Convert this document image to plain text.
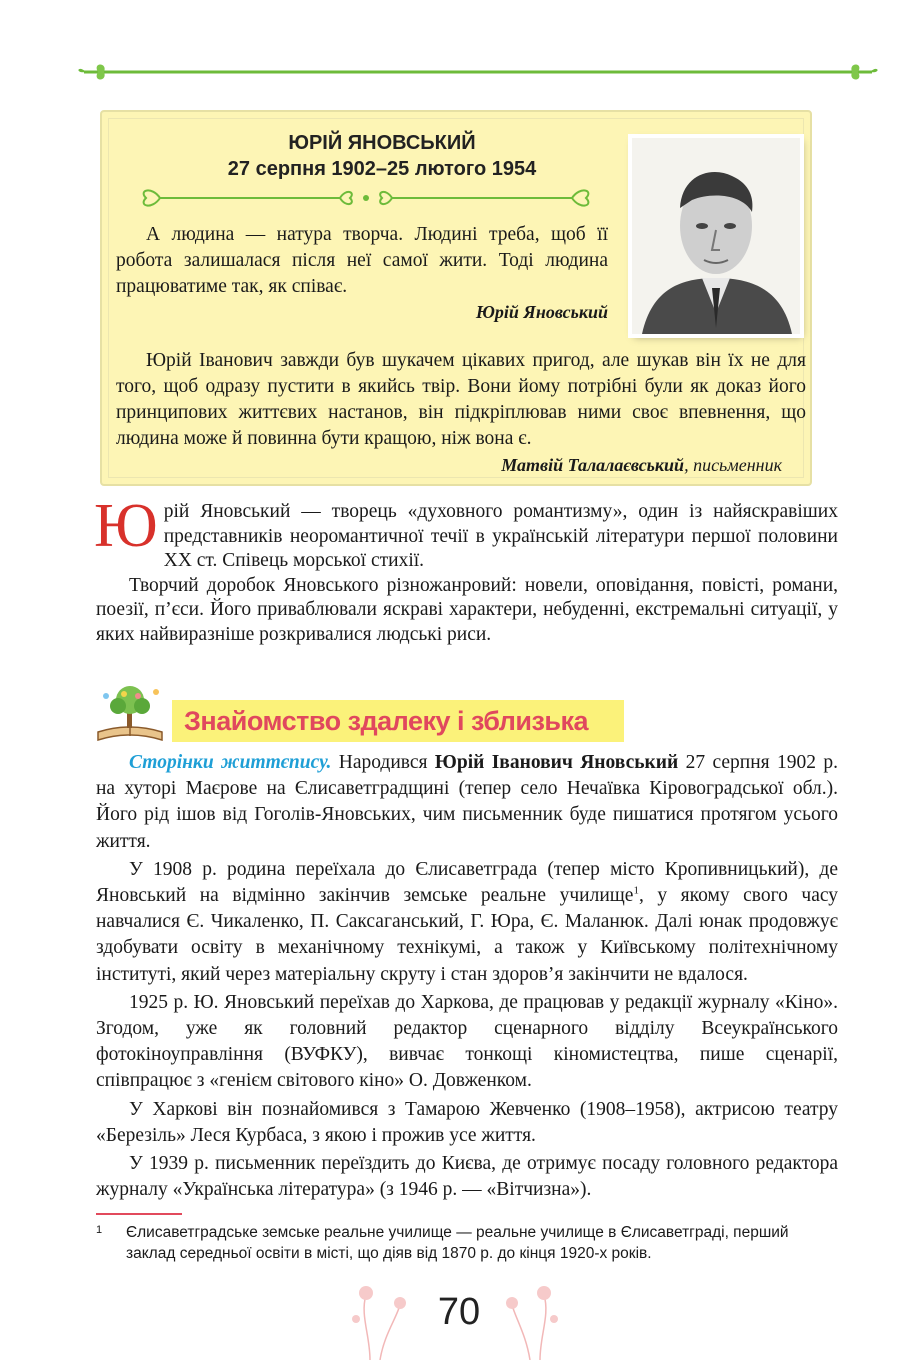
ЮРІЙ ЯНОВСЬКИЙ
27 серпня 1902–25 лютого 1954

А людина — натура творча. Людині треба, щоб її робота залишалася після неї самої жити. Тоді людина працюватиме так, як співає.

Юрій Яновський

Юрій Іванович завжди був шукачем цікавих пригод, але шукав він їх не для того, щоб одразу пустити в якийсь твір. Вони йому потрібні були як доказ його принципових життєвих настанов, він підкріплював ними своє впевнення, що людина може й повинна бути кращою, ніж вона є.

Матвій Талалаєвський, письменник

Юрій Яновський — творець «духовного романтизму», один із найяскравіших представників неоромантичної течії в українській літератури першої половини XX ст. Співець морської стихії.

Творчий доробок Яновського різножанровий: новели, оповідання, повісті, романи, поезії, п’єси. Його приваблювали яскраві характери, небуденні, екстремальні ситуації, у яких найвиразніше розкривалися людські риси.

Знайомство здалеку і зблизька

Сторінки життєпису. Народився Юрій Іванович Яновський 27 серпня 1902 р. на хуторі Маєрове на Єлисаветградщині (тепер село Нечаївка Кіровоградської обл.). Його рід ішов від Гоголів-Яновських, чим письменник буде пишатися протягом усього життя.

У 1908 р. родина переїхала до Єлисаветграда (тепер місто Кропивницький), де Яновський на відмінно закінчив земське реальне училище$^1$, у якому свого часу навчалися Є. Чикаленко, П. Саксаганський, Г. Юра, Є. Маланюк. Далі юнак продовжує здобувати освіту в механічному технікумі, а також у Київському політехнічному інституті, який через матеріальну скруту і стан здоров’я закінчити не вдалося.

1925 р. Ю. Яновський переїхав до Харкова, де працював у редакції журналу «Кіно». Згодом, уже як головний редактор сценарного відділу Всеукраїнського фотокіноуправління (ВУФКУ), вивчає тонкощі кіномистецтва, пише сценарії, співпрацює з «генієм світового кіно» О. Довженком.

У Харкові він познайомився з Тамарою Жевченко (1908–1958), актрисою театру «Березіль» Леся Курбаса, з якою і прожив усе життя.

У 1939 р. письменник переїздить до Києва, де отримує посаду головного редактора журналу «Українська література» (з 1946 р. — «Вітчизна»).

1 Єлисаветградське земське реальне училище — реальне училище в Єлисаветграді, перший заклад середньої освіти в місті, що діяв від 1870 р. до кінця 1920-х років.
70
